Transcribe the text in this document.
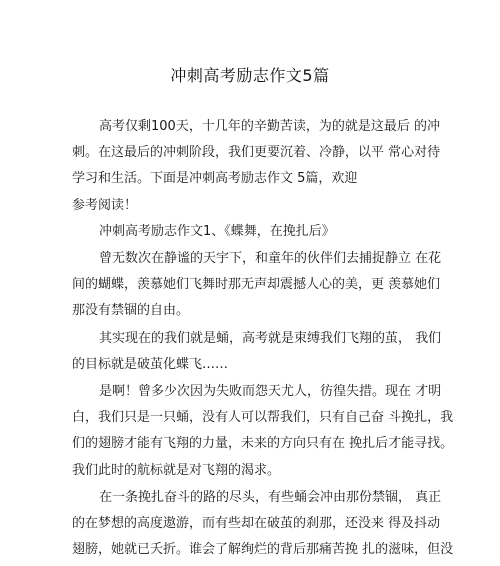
冲刺高考励志作文5篇
高考仅剩100天，十几年的辛勤苦读，为的就是这最后 的冲
刺。在这最后的冲刺阶段，我们更要沉着、冷静，以平 常心对待
学习和生活。下面是冲刺高考励志作文 5篇，欢迎
参考阅读！
冲刺高考励志作文1、《蝶舞，在挽扎后》
曾无数次在静谧的天宇下，和童年的伙伴们去捕捉静立 在花
间的蝴蝶，羡慕她们飞舞时那无声却震撼人心的美，更 羡慕她们
那没有禁锢的自由。
其实现在的我们就是蛹，高考就是束缚我们飞翔的茧， 我们
的目标就是破茧化蝶飞……
是啊！曾多少次因为失败而怨天尤人，彷徨失措。现在 才明
白，我们只是一只蛹，没有人可以帮我们，只有自己奋 斗挽扎，我
们的翅膀才能有飞翔的力量，未来的方向只有在 挽扎后才能寻找。
我们此时的航标就是对飞翔的渴求。
在一条挽扎奋斗的路的尽头，有些蛹会冲由那份禁锢， 真正
的在梦想的高度遨游，而有些却在破茧的刹那，还没来 得及抖动
翅膀，她就已夭折。谁会了解绚烂的背后那痛苦挽 扎的滋味，但没
